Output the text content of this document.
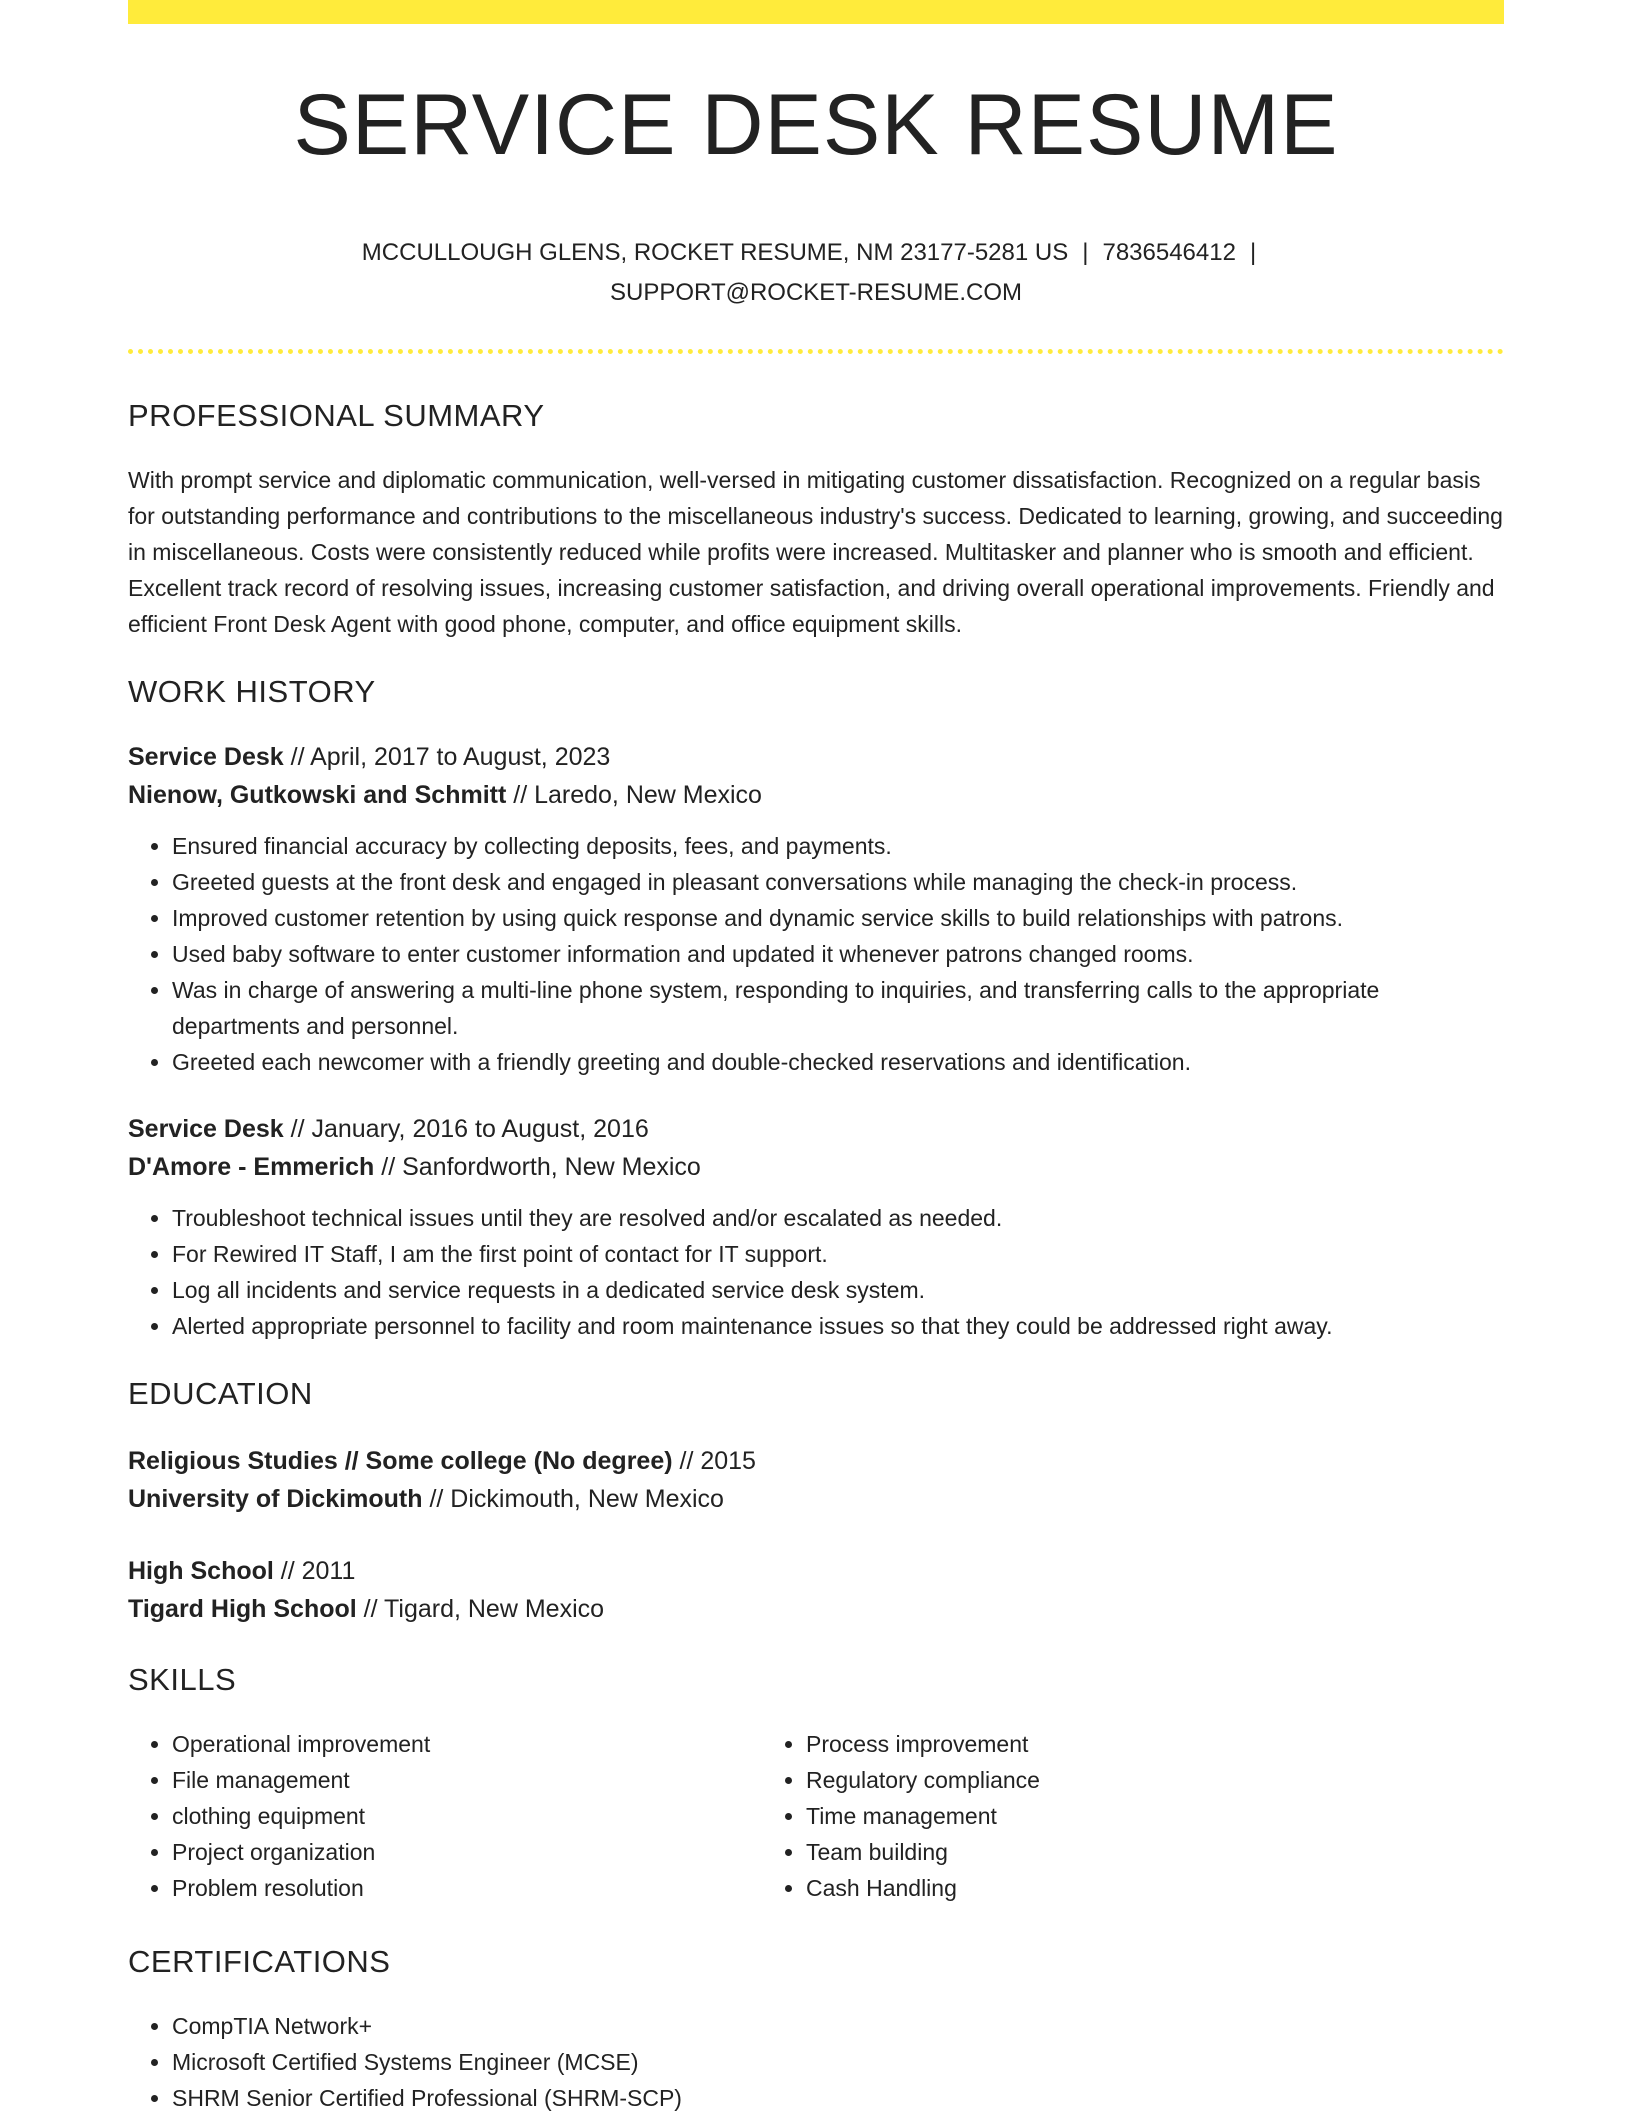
SERVICE DESK RESUME
MCCULLOUGH GLENS, ROCKET RESUME, NM 23177-5281 US | 7836546412 |
SUPPORT@ROCKET-RESUME.COM
PROFESSIONAL SUMMARY

With prompt service and diplomatic communication, well-versed in mitigating customer dissatisfaction. Recognized on a regular basis for outstanding performance and contributions to the miscellaneous industry's success. Dedicated to learning, growing, and succeeding in miscellaneous. Costs were consistently reduced while profits were increased. Multitasker and planner who is smooth and efficient. Excellent track record of resolving issues, increasing customer satisfaction, and driving overall operational improvements. Friendly and efficient Front Desk Agent with good phone, computer, and office equipment skills.

WORK HISTORY
Service Desk // April, 2017 to August, 2023
Nienow, Gutkowski and Schmitt // Laredo, New Mexico
• Ensured financial accuracy by collecting deposits, fees, and payments.
• Greeted guests at the front desk and engaged in pleasant conversations while managing the check-in process.
• Improved customer retention by using quick response and dynamic service skills to build relationships with patrons.
• Used baby software to enter customer information and updated it whenever patrons changed rooms.
• Was in charge of answering a multi-line phone system, responding to inquiries, and transferring calls to the appropriate departments and personnel.
• Greeted each newcomer with a friendly greeting and double-checked reservations and identification.
Service Desk // January, 2016 to August, 2016
D'Amore - Emmerich // Sanfordworth, New Mexico
• Troubleshoot technical issues until they are resolved and/or escalated as needed.
• For Rewired IT Staff, I am the first point of contact for IT support.
• Log all incidents and service requests in a dedicated service desk system.
• Alerted appropriate personnel to facility and room maintenance issues so that they could be addressed right away.
EDUCATION
Religious Studies // Some college (No degree) // 2015
University of Dickimouth // Dickimouth, New Mexico
High School // 2011
Tigard High School // Tigard, New Mexico
SKILLS
• Operational improvement
• File management
• clothing equipment
• Project organization
• Problem resolution
• Process improvement
• Regulatory compliance
• Time management
• Team building
• Cash Handling
CERTIFICATIONS
• CompTIA Network+
• Microsoft Certified Systems Engineer (MCSE)
• SHRM Senior Certified Professional (SHRM-SCP)
